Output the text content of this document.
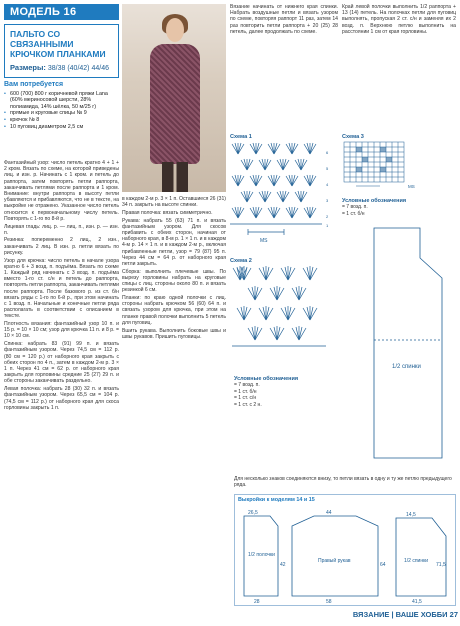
МОДЕЛЬ 16
ПАЛЬТО СО СВЯЗАННЫМИ КРЮЧКОМ ПЛАНКАМИ
Размеры: 38/38 (40/42) 44/46
Вам потребуется
• 600 (700) 800 г коричневой пряжи Lana (60% мериносовой шерсти, 28% полиамида, 14% шёлка, 50 м/25 г)
• прямые и круговые спицы № 9
• крючок № 8
• 10 пуговиц диаметром 2,5 см

Фантазийный узор: число петель кратно 4 + 1 + 2 кром. Вязать по схеме, на которой приведены лиц. и изн. р. Начинать с 1 кром. и петель до раппорта, затем повторять петли раппорта, заканчивать петлями после раппорта и 1 кром. Внимание: внутри раппорта в высоту петли убавляются и прибавляются, что не в тексте, на выкройке не отражено. Указанное число петель относится к первоначальному числу петель. Повторять с 1-го по 8-й р.

Лицевая гладь: лиц. р. — лиц. п., изн. р. — изн. п.

Резинка: попеременно 2 лиц., 2 изн., заканчивать 2 лиц. В изн. р. петли вязать по рисунку.

Узор для крючка: число петель в начале узора кратно 6 + 3 возд. п. подъёма. Вязать по схеме 1. Каждый ряд начинать с 3 возд. п. подъёма вместо 1-го ст. с/н и петель до раппорта, повторять петли раппорта, заканчивать петлями после раппорта. После базового р. из ст. б/н вязать ряды с 1-го по 6-й р., при этом начинать с 1 возд. п. Начальные и конечные петли ряда располагать в соответствии с описанием в тексте.

Плотность вязания: фантазийный узор 10 п. и 15 р. = 10 × 10 см; узор для крючка 11 п. и 8 р. = 10 × 10 см.

Спинка: набрать 83 (91) 99 п. и вязать фантазийным узором. Через 74,5 см = 112 р. (80 см = 120 р.) от наборного края закрыть с обеих сторон по 4 п., затем в каждом 2-м р. 3 × 1 п. Через 41 см = 62 р. от наборного края закрыть для горловины средние 25 (27) 29 п. и обе стороны заканчивать раздельно.

Левая полочка: набрать 28 (30) 32 п. и вязать фантазийным узором. Через 65,5 см = 104 р. (74,5 см = 112 р.) от наборного края для скоса горловины закрыть 1 п.

в каждом 2-м р. 3 × 1 п. Оставшиеся 26 (31) 34 п. закрыть на высоте спинки.

Правая полочка: вязать симметрично.

Рукава: набрать 55 (63) 71 п. и вязать фантазийным узором. Для скосов прибавить с обеих сторон, начиная от наборного края, в 8-м р. 1 × 1 п. и в каждом 4-м р. 14 × 1 п. и в каждом 2-м р., включая прибавленные петли, узор = 79 (87) 95 п. Через 44 см = 64 р. от наборного края петли закрыть.

Сборка: выполнить плечевые швы. По вырезу горловины набрать на круговые спицы с лиц. стороны около 80 п. и вязать резинкой 6 см.

Планки: по краю одной полочки с лиц. стороны набрать крючком 56 (60) 64 п. и связать узором для крючка, при этом на планке правой полочки выполнить 5 петель для пуговиц.

Вшить рукава. Выполнить боковые швы и швы рукавов. Пришить пуговицы.

Вязание начинать от нижнего края спинки. Набрать воздушные петли и вязать узором по схеме, повторяя раппорт 11 раз, затем 14 раз повторить петли раппорта + 20 (25) 28 петель, далее продолжать по схеме.

Край левой полочки выполнить 1/2 раппорта + 13 (14) петель. На полочках петли для пуговиц выполнять, пропуская 2 ст. с/н и заменяя их 2 возд. п. Верхнюю петлю выполнить на расстоянии 1 см от края горловины.

Схема 1
MS
6
5
4
3
2
1
Схема 3
MS
Условные обозначения
= 7 возд. п.
= 1 ст. б/н
Схема 2
Условные обозначения
= 7 возд. п.
= 1 ст. б/н
= 1 ст. с/н
= 1 ст. с 2 н.
1/2 спинки
Для несколько знаков соединяются внизу, то петли вязать в одну и ту же петлю предыдущего ряда.
Выкройки к моделям 14 и 15
1/2 полочки
Правый рукав	1/2 спинки
26,5
42
44
64
58
14,5
71,5
41,5
28
ВЯЗАНИЕ | ВАШЕ ХОББИ 27
